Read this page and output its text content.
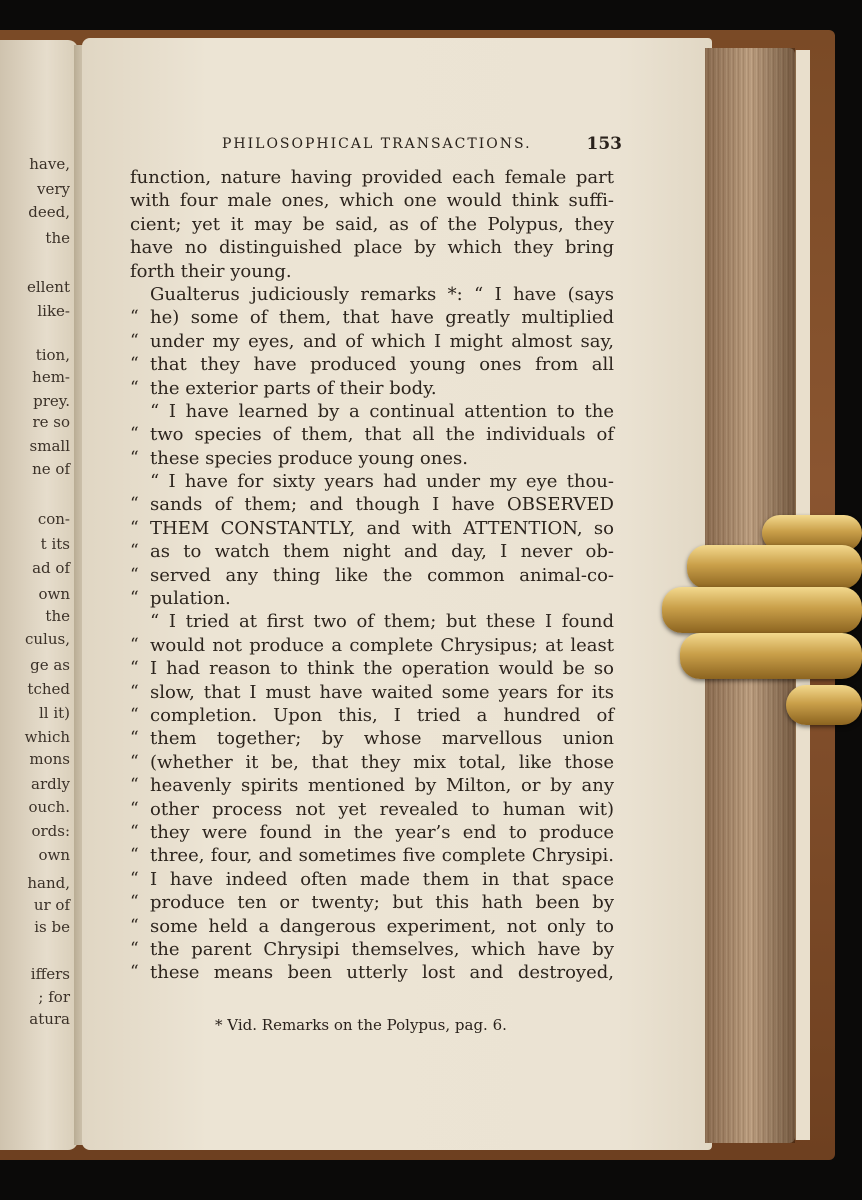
have,
very
deed,
the
ellent
like-
tion,
hem-
prey.
re so
small
ne of
con-
t its
ad of
own
the
culus,
ge as
tched
ll it)
which
mons
ardly
ouch.
ords:
own
hand,
ur of
is be
iffers
; for
atura
PHILOSOPHICAL TRANSACTIONS.	153
function, nature having provided each female part
with four male ones, which one would think suffi-
cient; yet it may be said, as of the Polypus, they
have no distinguished place by which they bring
forth their young.
Gualterus judiciously remarks *: “ I have (says
“ he) some of them, that have greatly multiplied
“ under my eyes, and of which I might almost say,
“ that they have produced young ones from all
“ the exterior parts of their body.
“ I have learned by a continual attention to the
“ two species of them, that all the individuals of
“ these species produce young ones.
“ I have for sixty years had under my eye thou-
“ sands of them; and though I have OBSERVED
“ THEM CONSTANTLY, and with ATTENTION, so
“ as to watch them night and day, I never ob-
“ served any thing like the common animal-co-
“ pulation.
“ I tried at first two of them; but these I found
“ would not produce a complete Chrysipus; at least
“ I had reason to think the operation would be so
“ slow, that I must have waited some years for its
“ completion. Upon this, I tried a hundred of
“ them together; by whose marvellous union
“ (whether it be, that they mix total, like those
“ heavenly spirits mentioned by Milton, or by any
“ other process not yet revealed to human wit)
“ they were found in the year’s end to produce
“ three, four, and sometimes five complete Chrysipi.
“ I have indeed often made them in that space
“ produce ten or twenty; but this hath been by
“ some held a dangerous experiment, not only to
“ the parent Chrysipi themselves, which have by
“ these means been utterly lost and destroyed,
* Vid. Remarks on the Polypus, pag. 6.
